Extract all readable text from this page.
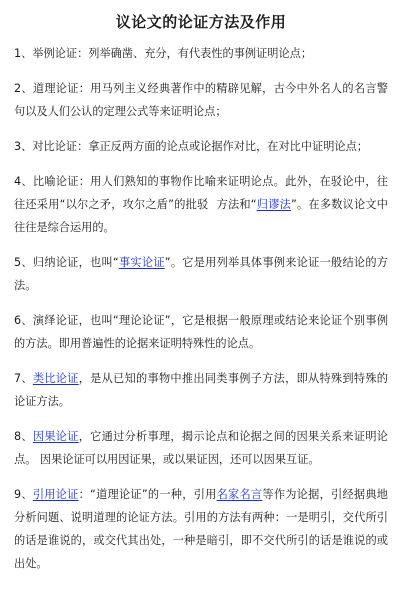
议论文的论证方法及作用
1、举例论证：列举确凿、充分，有代表性的事例证明论点；
2、道理论证：用马列主义经典著作中的精辟见解，古今中外名人的名言警句以及人们公认的定理公式等来证明论点；
3、对比论证：拿正反两方面的论点或论据作对比，在对比中证明论点；
4、比喻论证：用人们熟知的事物作比喻来证明论点。此外，在驳论中，往往还采用“以尔之矛，攻尔之盾”的批驳 方法和“归谬法”。在多数议论文中往往是综合运用的。
5、归纳论证，也叫“事实论证”。它是用列举具体事例来论证一般结论的方法。
6、演绎论证，也叫“理论论证”，它是根据一般原理或结论来论证个别事例的方法。即用普遍性的论据来证明特殊性的论点。
7、类比论证，是从已知的事物中推出同类事例子方法，即从特殊到特殊的论证方法。
8、因果论证，它通过分析事理，揭示论点和论据之间的因果关系来证明论点。 因果论证可以用因证果，或以果证因，还可以因果互证。
9、引用论证：“道理论证”的一种，引用名家名言等作为论据，引经据典地分析问题、说明道理的论证方法。引用的方法有两种：一是明引，交代所引的话是谁说的，或交代其出处，一种是暗引，即不交代所引的话是谁说的或出处。
